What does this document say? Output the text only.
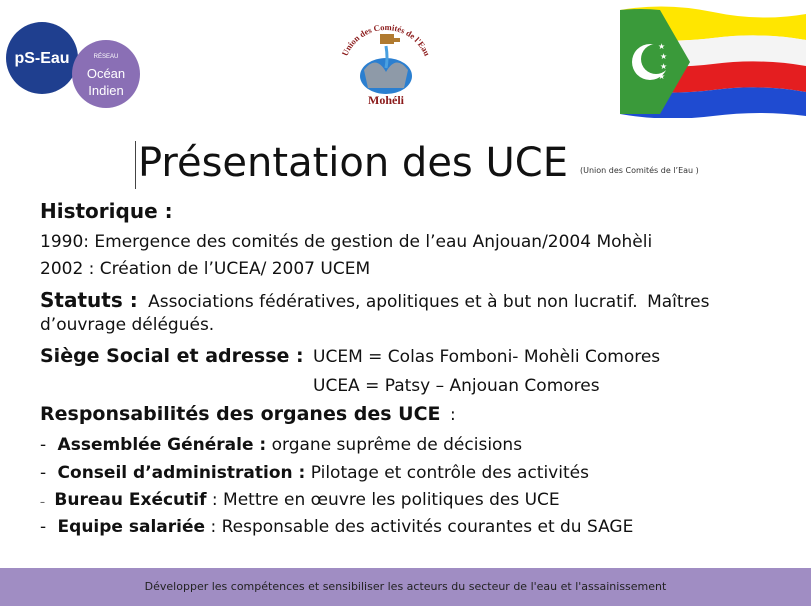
pS-Eau	RÉSEAU
Océan
Indien
Union des Comités de l'Eau
Mohéli
★
★
★
★
Présentation des UCE (Union des Comités de l’Eau )
Historique :
1990: Emergence des comités de gestion de l’eau Anjouan/2004 Mohèli
2002 : Création de l’UCEA/ 2007 UCEM
Statuts : Associations fédératives, apolitiques et à but non lucratif. Maîtres
d’ouvrage délégués.
Siège Social et adresse : UCEM = Colas Fomboni- Mohèli Comores
UCEA = Patsy – Anjouan Comores
Responsabilités des organes des UCE :
- Assemblée Générale : organe suprême de décisions
- Conseil d’administration : Pilotage et contrôle des activités
– Bureau Exécutif : Mettre en œuvre les politiques des UCE
- Equipe salariée : Responsable des activités courantes et du SAGE
Développer les compétences et sensibiliser les acteurs du secteur de l'eau et l'assainissement
